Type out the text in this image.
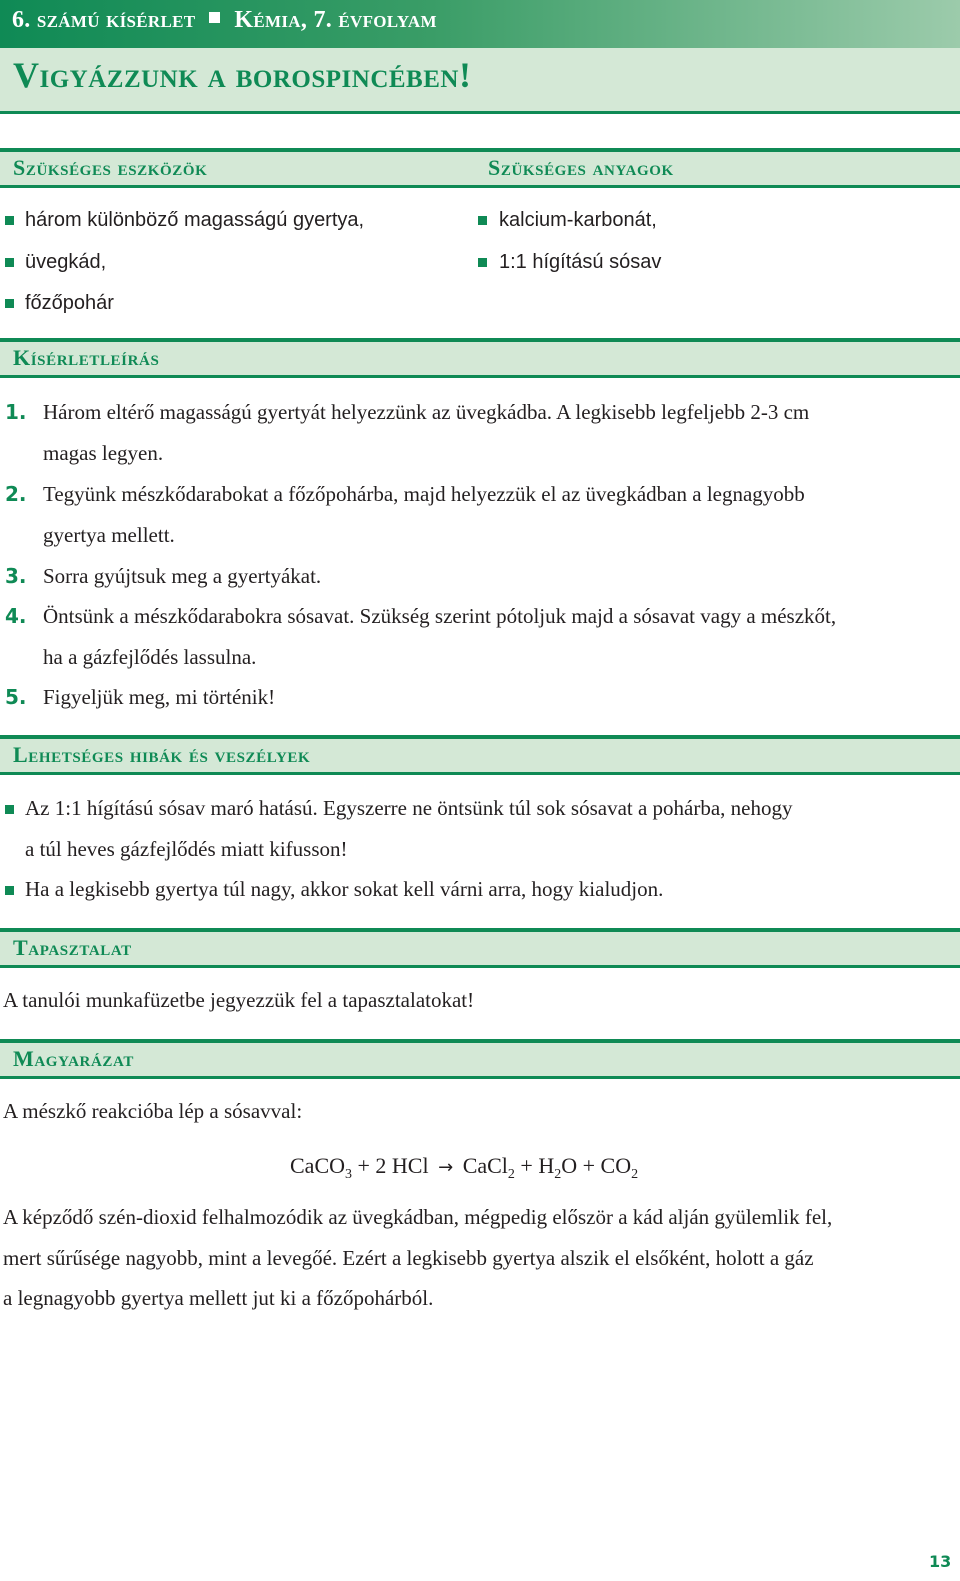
6. számú kísérlet Kémia, 7. évfolyam
Vigyázzunk a borospincében!
Szükséges eszközök	Szükséges anyagok
három különböző magasságú gyertya,
üvegkád,
főzőpohár
kalcium-karbonát,
1:1 hígítású sósav
Kísérletleírás
1. Három eltérő magasságú gyertyát helyezzünk az üvegkádba. A legkisebb legfeljebb 2-3 cm
magas legyen.
2. Tegyünk mészkődarabokat a főzőpohárba, majd helyezzük el az üvegkádban a legnagyobb
gyertya mellett.
3. Sorra gyújtsuk meg a gyertyákat.
4. Öntsünk a mészkődarabokra sósavat. Szükség szerint pótoljuk majd a sósavat vagy a mészkőt,
ha a gázfejlődés lassulna.
5. Figyeljük meg, mi történik!
Lehetséges hibák és veszélyek
Az 1:1 hígítású sósav maró hatású. Egyszerre ne öntsünk túl sok sósavat a pohárba, nehogy
a túl heves gázfejlődés miatt kifusson!
Ha a legkisebb gyertya túl nagy, akkor sokat kell várni arra, hogy kialudjon.
Tapasztalat
A tanulói munkafüzetbe jegyezzük fel a tapasztalatokat!
Magyarázat
A mészkő reakcióba lép a sósavval:
CaCO$_3$ + 2 HCl → CaCl$_2$ + $H_2O + CO_2$
A képződő szén-dioxid felhalmozódik az üvegkádban, mégpedig először a kád alján gyülemlik fel,
mert sűrűsége nagyobb, mint a levegőé. Ezért a legkisebb gyertya alszik el elsőként, holott a gáz
a legnagyobb gyertya mellett jut ki a főzőpohárból.
13
